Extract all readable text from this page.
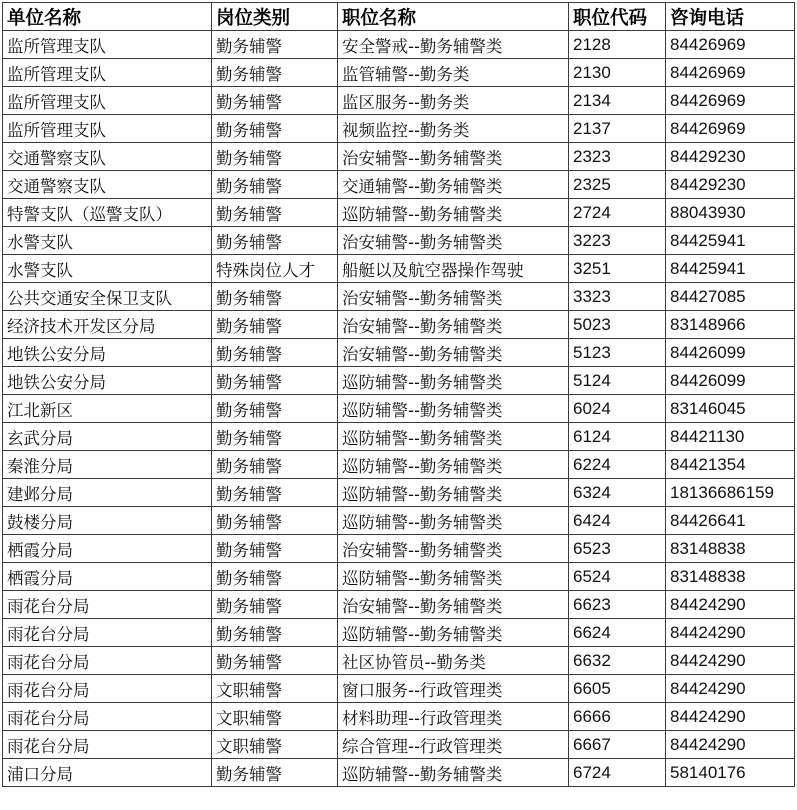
单位名称	岗位类别	职位名称	职位代码	咨询电话
监所管理支队	勤务辅警	安全警戒--勤务辅警类	2128	84426969
监所管理支队	勤务辅警	监管辅警--勤务类	2130	84426969
监所管理支队	勤务辅警	监区服务--勤务类	2134	84426969
监所管理支队	勤务辅警	视频监控--勤务类	2137	84426969
交通警察支队	勤务辅警	治安辅警--勤务辅警类	2323	84429230
交通警察支队	勤务辅警	交通辅警--勤务辅警类	2325	84429230
特警支队（巡警支队）	勤务辅警	巡防辅警--勤务辅警类	2724	88043930
水警支队	勤务辅警	治安辅警--勤务辅警类	3223	84425941
水警支队	特殊岗位人才	船艇以及航空器操作驾驶	3251	84425941
公共交通安全保卫支队	勤务辅警	治安辅警--勤务辅警类	3323	84427085
经济技术开发区分局	勤务辅警	治安辅警--勤务辅警类	5023	83148966
地铁公安分局	勤务辅警	治安辅警--勤务辅警类	5123	84426099
地铁公安分局	勤务辅警	巡防辅警--勤务辅警类	5124	84426099
江北新区	勤务辅警	巡防辅警--勤务辅警类	6024	83146045
玄武分局	勤务辅警	巡防辅警--勤务辅警类	6124	84421130
秦淮分局	勤务辅警	巡防辅警--勤务辅警类	6224	84421354
建邺分局	勤务辅警	巡防辅警--勤务辅警类	6324	18136686159
鼓楼分局	勤务辅警	巡防辅警--勤务辅警类	6424	84426641
栖霞分局	勤务辅警	治安辅警--勤务辅警类	6523	83148838
栖霞分局	勤务辅警	巡防辅警--勤务辅警类	6524	83148838
雨花台分局	勤务辅警	治安辅警--勤务辅警类	6623	84424290
雨花台分局	勤务辅警	巡防辅警--勤务辅警类	6624	84424290
雨花台分局	勤务辅警	社区协管员--勤务类	6632	84424290
雨花台分局	文职辅警	窗口服务--行政管理类	6605	84424290
雨花台分局	文职辅警	材料助理--行政管理类	6666	84424290
雨花台分局	文职辅警	综合管理--行政管理类	6667	84424290
浦口分局	勤务辅警	巡防辅警--勤务辅警类	6724	58140176
